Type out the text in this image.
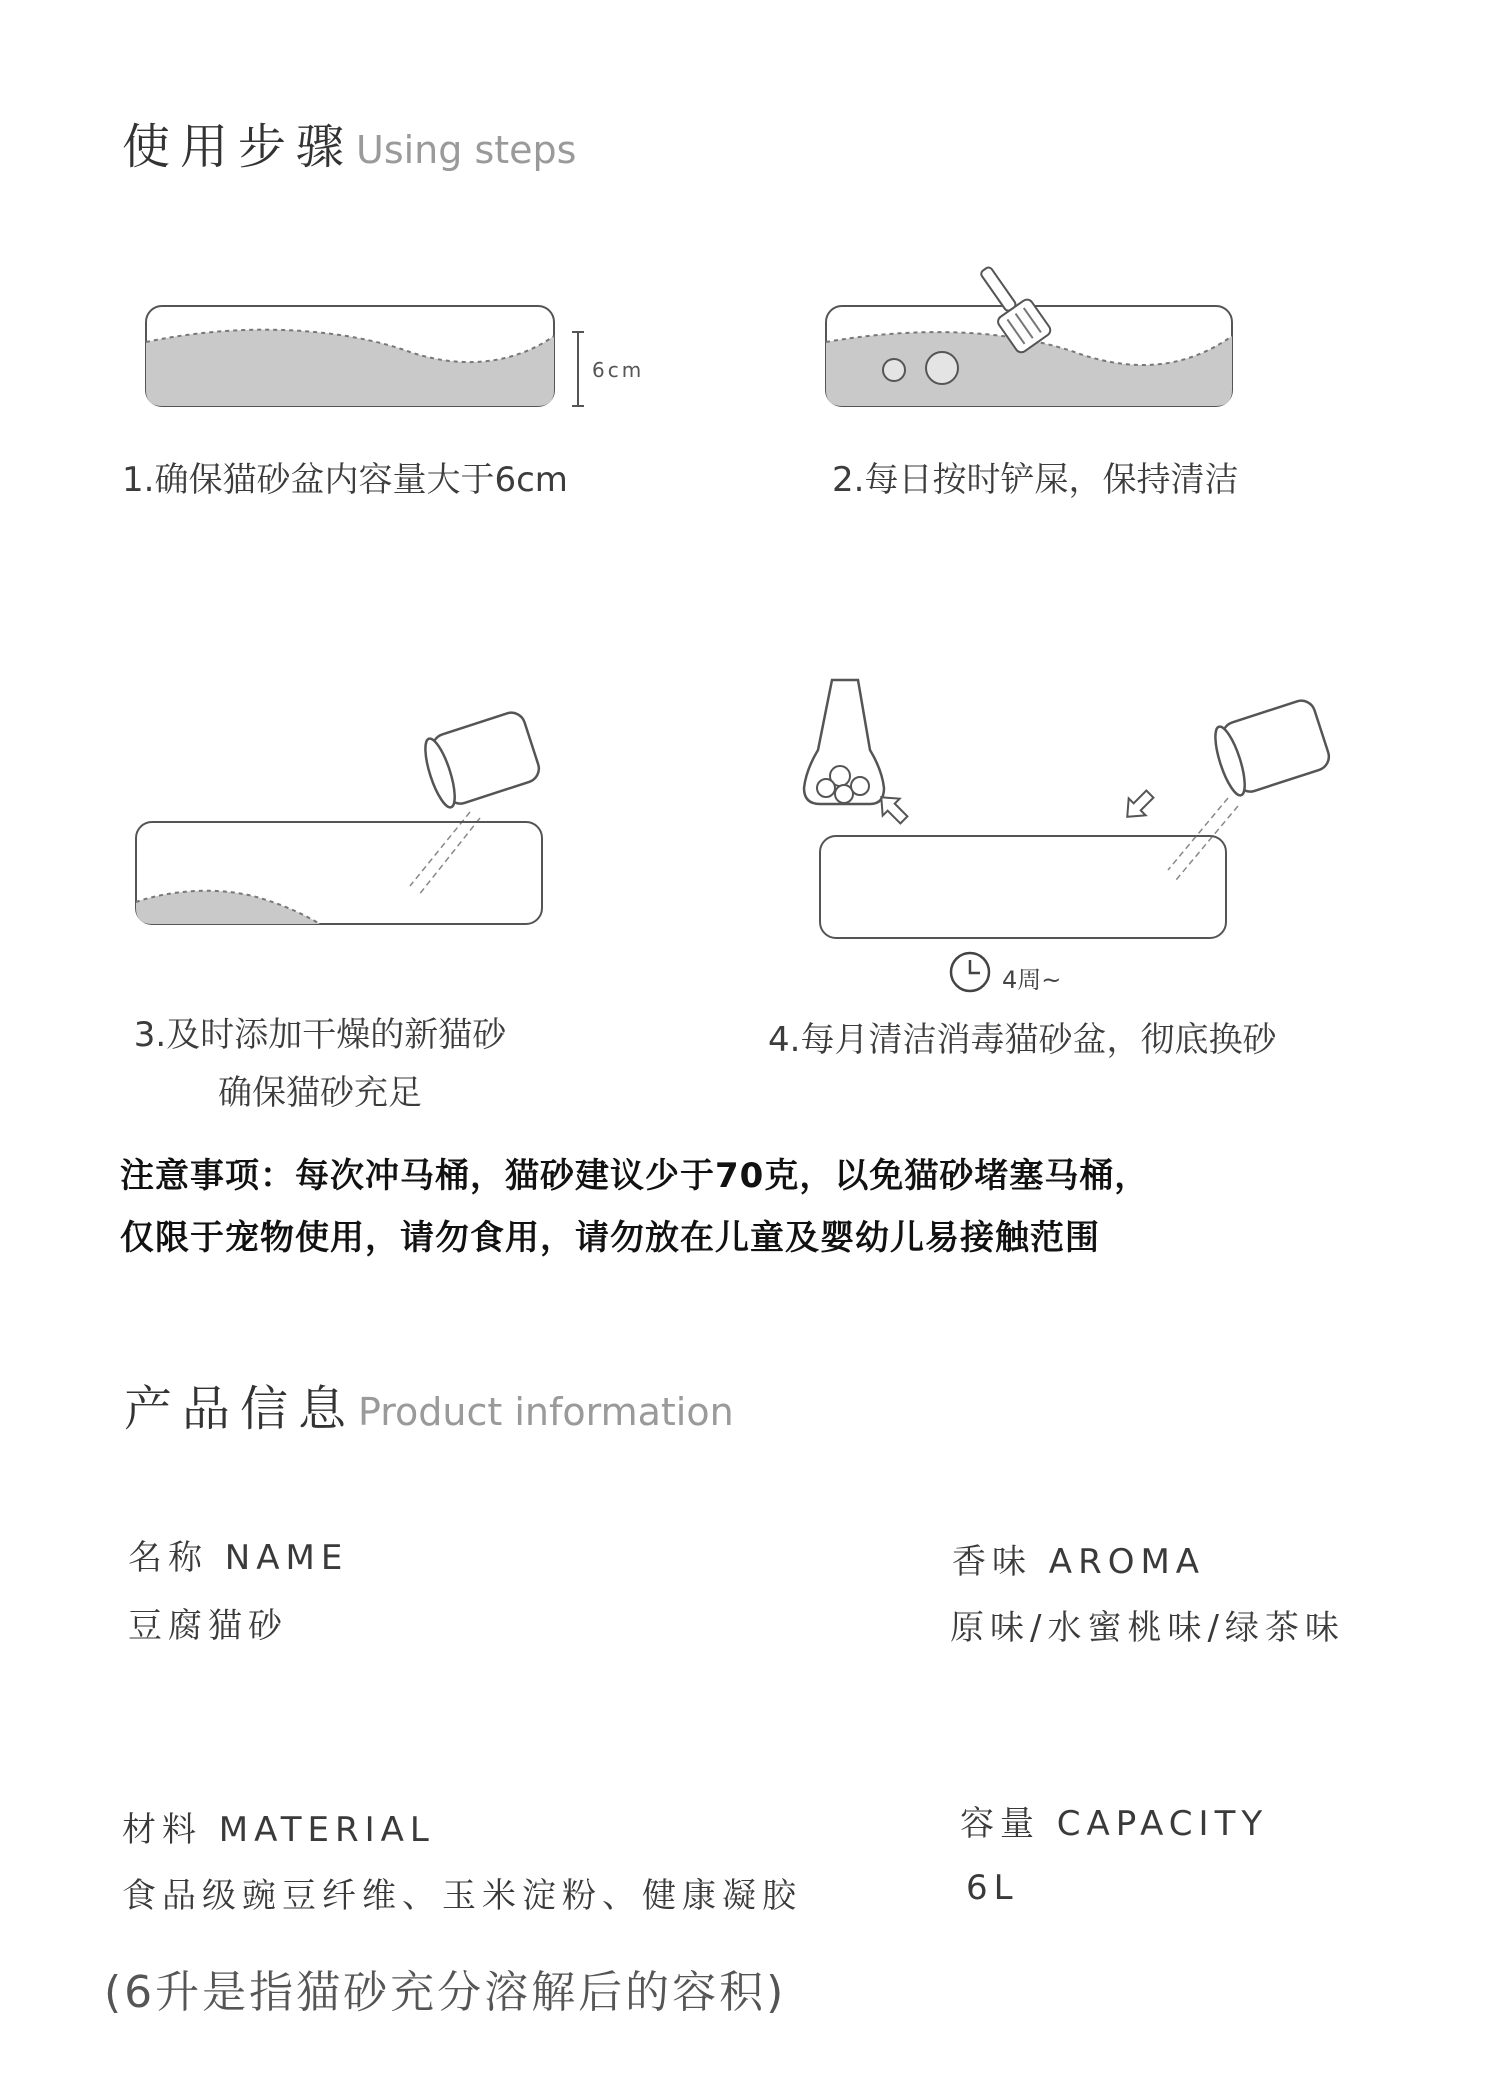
使用步骤Using steps
6cm
1.确保猫砂盆内容量大于6cm	2.每日按时铲屎，保持清洁
4周~
3.及时添加干燥的新猫砂
确保猫砂充足
4.每月清洁消毒猫砂盆，彻底换砂
注意事项：每次冲马桶，猫砂建议少于70克，以免猫砂堵塞马桶，
仅限于宠物使用，请勿食用，请勿放在儿童及婴幼儿易接触范围
产品信息Product information
名称 NAME
豆腐猫砂
香味 AROMA
原味/水蜜桃味/绿茶味
材料 MATERIAL
食品级豌豆纤维、玉米淀粉、健康凝胶
容量 CAPACITY
6L
(6升是指猫砂充分溶解后的容积)
